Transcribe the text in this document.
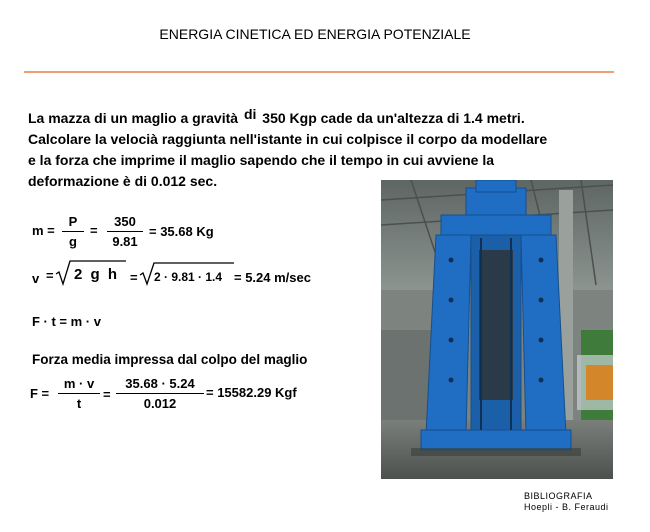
ENERGIA CINETICA ED ENERGIA POTENZIALE
La mazza di un maglio a gravità di 350 Kgp cade da un'altezza di 1.4 metri.
Calcolare la velocià raggiunta nell'istante in cui colpisce il corpo da modellare
e la forza che imprime il maglio sapendo che il tempo in cui avviene la
deformazione è di 0.012 sec.
$m = \frac{P}{g} = \frac{350}{9.81} = 35.68$ Kg
v = 2 g h = 2 · 9.81 · 1.4 = 5.24 m/sec
F · t = m · v
Forza media impressa dal colpo del maglio
$F = \frac{m \cdot v}{t} = \frac{35.68 \cdot 5.24}{0.012} = 15582.29$ Kgf
BIBLIOGRAFIA
Hoepli - B. Feraudi
